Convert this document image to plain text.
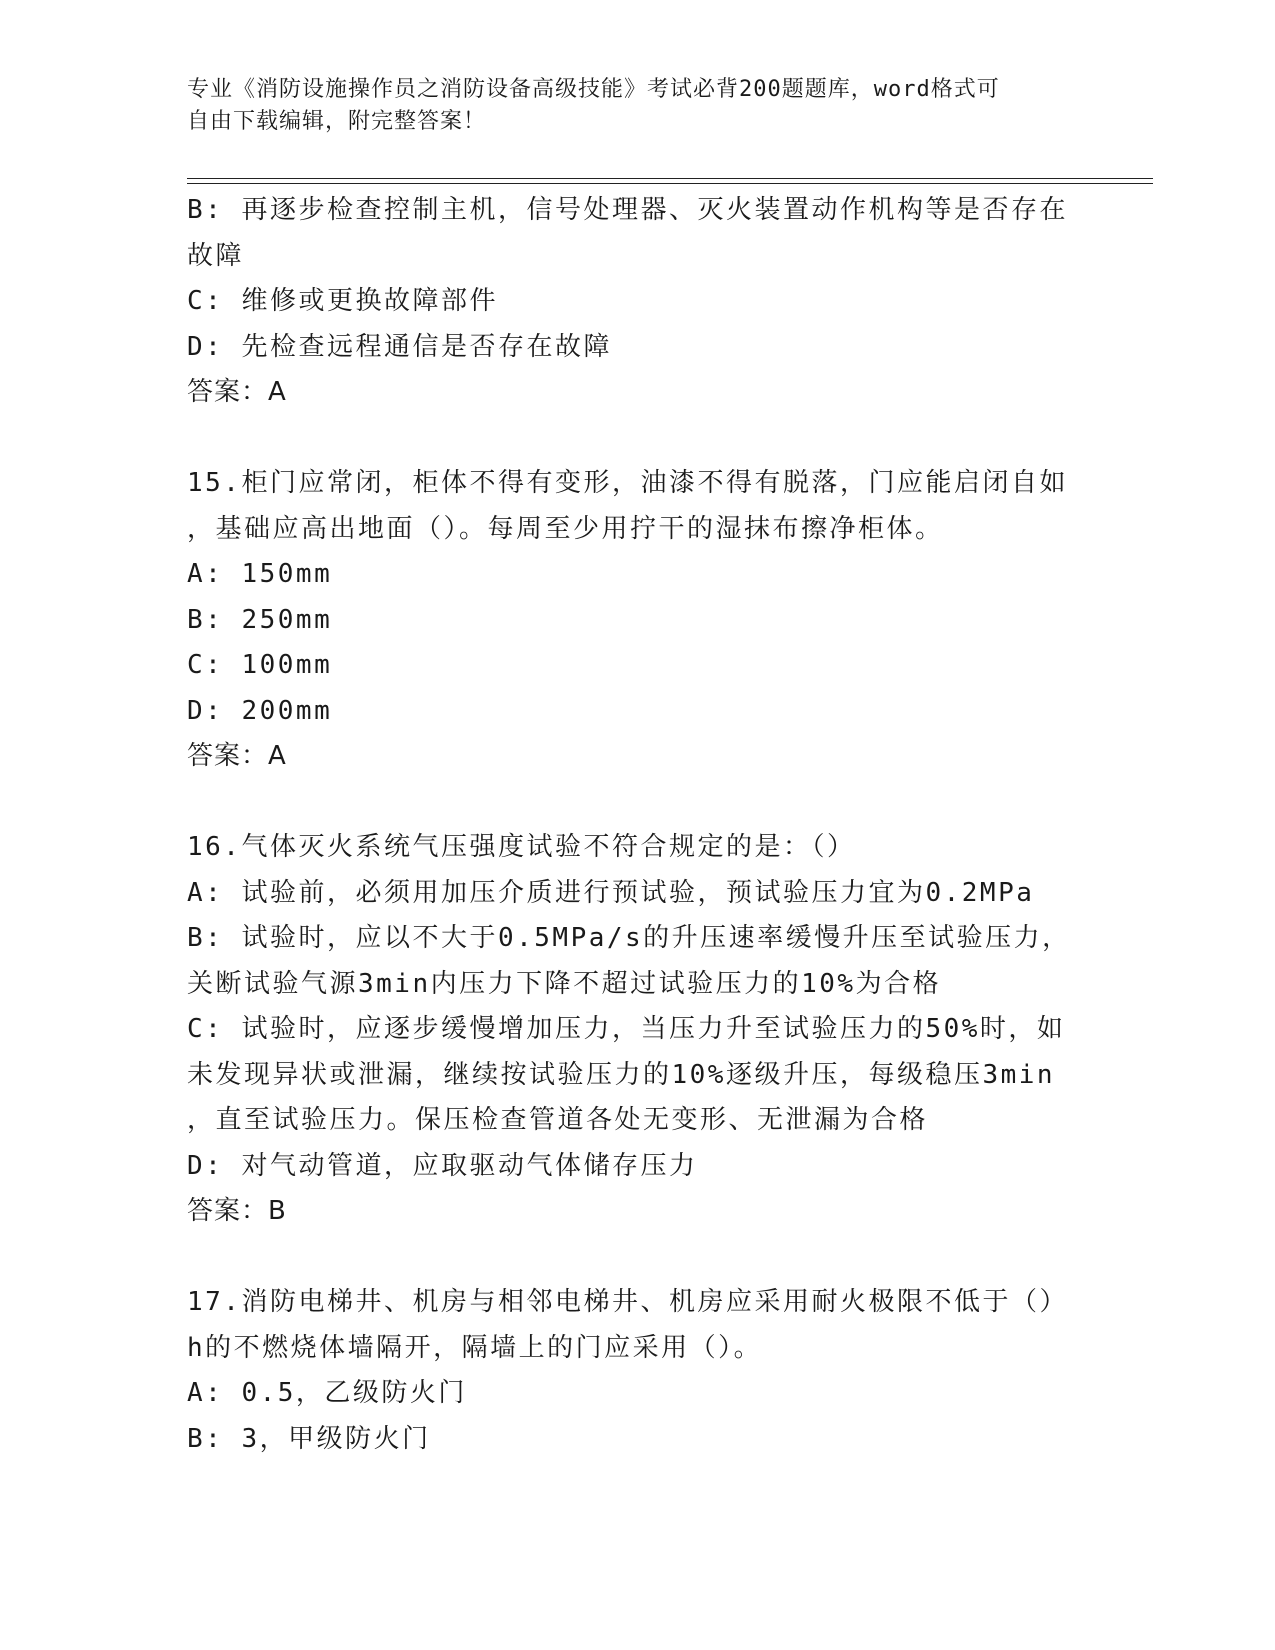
专业《消防设施操作员之消防设备高级技能》考试必背200题题库，word格式可
自由下载编辑，附完整答案！
B: 再逐步检查控制主机，信号处理器、灭火装置动作机构等是否存在
故障
C: 维修或更换故障部件
D: 先检查远程通信是否存在故障
答案：A
15.柜门应常闭，柜体不得有变形，油漆不得有脱落，门应能启闭自如
，基础应高出地面（）。每周至少用拧干的湿抹布擦净柜体。
A: 150mm
B: 250mm
C: 100mm
D: 200mm
答案：A
16.气体灭火系统气压强度试验不符合规定的是：（）
A: 试验前，必须用加压介质进行预试验，预试验压力宜为0.2MPa
B: 试验时，应以不大于0.5MPa/s的升压速率缓慢升压至试验压力，
关断试验气源3min内压力下降不超过试验压力的10%为合格
C: 试验时，应逐步缓慢增加压力，当压力升至试验压力的50%时，如
未发现异状或泄漏，继续按试验压力的10%逐级升压，每级稳压3min
，直至试验压力。保压检查管道各处无变形、无泄漏为合格
D: 对气动管道，应取驱动气体储存压力
答案：B
17.消防电梯井、机房与相邻电梯井、机房应采用耐火极限不低于（）
h的不燃烧体墙隔开，隔墙上的门应采用（）。
A: 0.5，乙级防火门
B: 3，甲级防火门
